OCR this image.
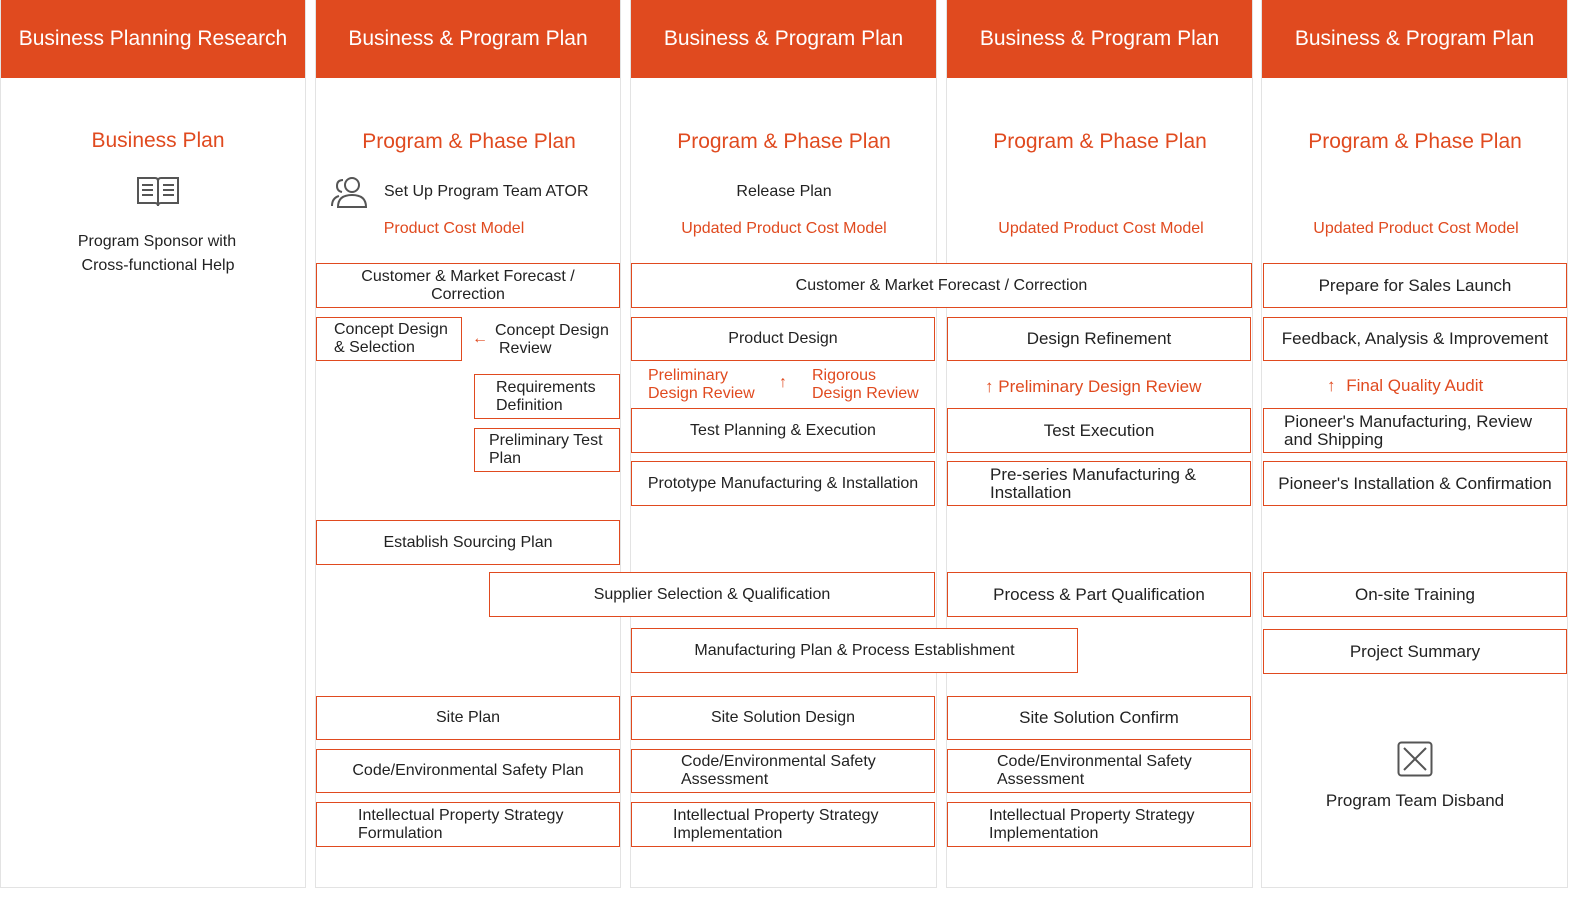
Business Planning Research	Business & Program Plan	Business & Program Plan	Business & Program Plan	Business & Program Plan
Business Plan
Program Sponsor with
Cross-functional Help
Program & Phase Plan
Set Up Program Team ATOR
Product Cost Model
Customer & Market Forecast /
Correction
Concept Design
& Selection
← Concept Design
Review
Requirements
Definition
Preliminary Test
Plan
Establish Sourcing Plan
Site Plan
Code/Environmental Safety Plan
Intellectual Property Strategy
Formulation
Program & Phase Plan
Release Plan
Updated Product Cost Model
Customer & Market Forecast / Correction
Product Design
Preliminary
Design Review
↑ Rigorous
Design Review
Test Planning & Execution
Prototype Manufacturing & Installation
Supplier Selection & Qualification
Manufacturing Plan & Process Establishment
Site Solution Design
Code/Environmental Safety
Assessment
Intellectual Property Strategy
Implementation
Program & Phase Plan
Updated Product Cost Model
Design Refinement
↑ Preliminary Design Review
Test Execution
Pre-series Manufacturing &
Installation
Process & Part Qualification
Site Solution Confirm
Code/Environmental Safety
Assessment
Intellectual Property Strategy
Implementation
Program & Phase Plan
Updated Product Cost Model
Prepare for Sales Launch
Feedback, Analysis & Improvement
↑ Final Quality Audit
Pioneer's Manufacturing, Review
and Shipping
Pioneer's Installation & Confirmation
On-site Training
Project Summary
Program Team Disband
